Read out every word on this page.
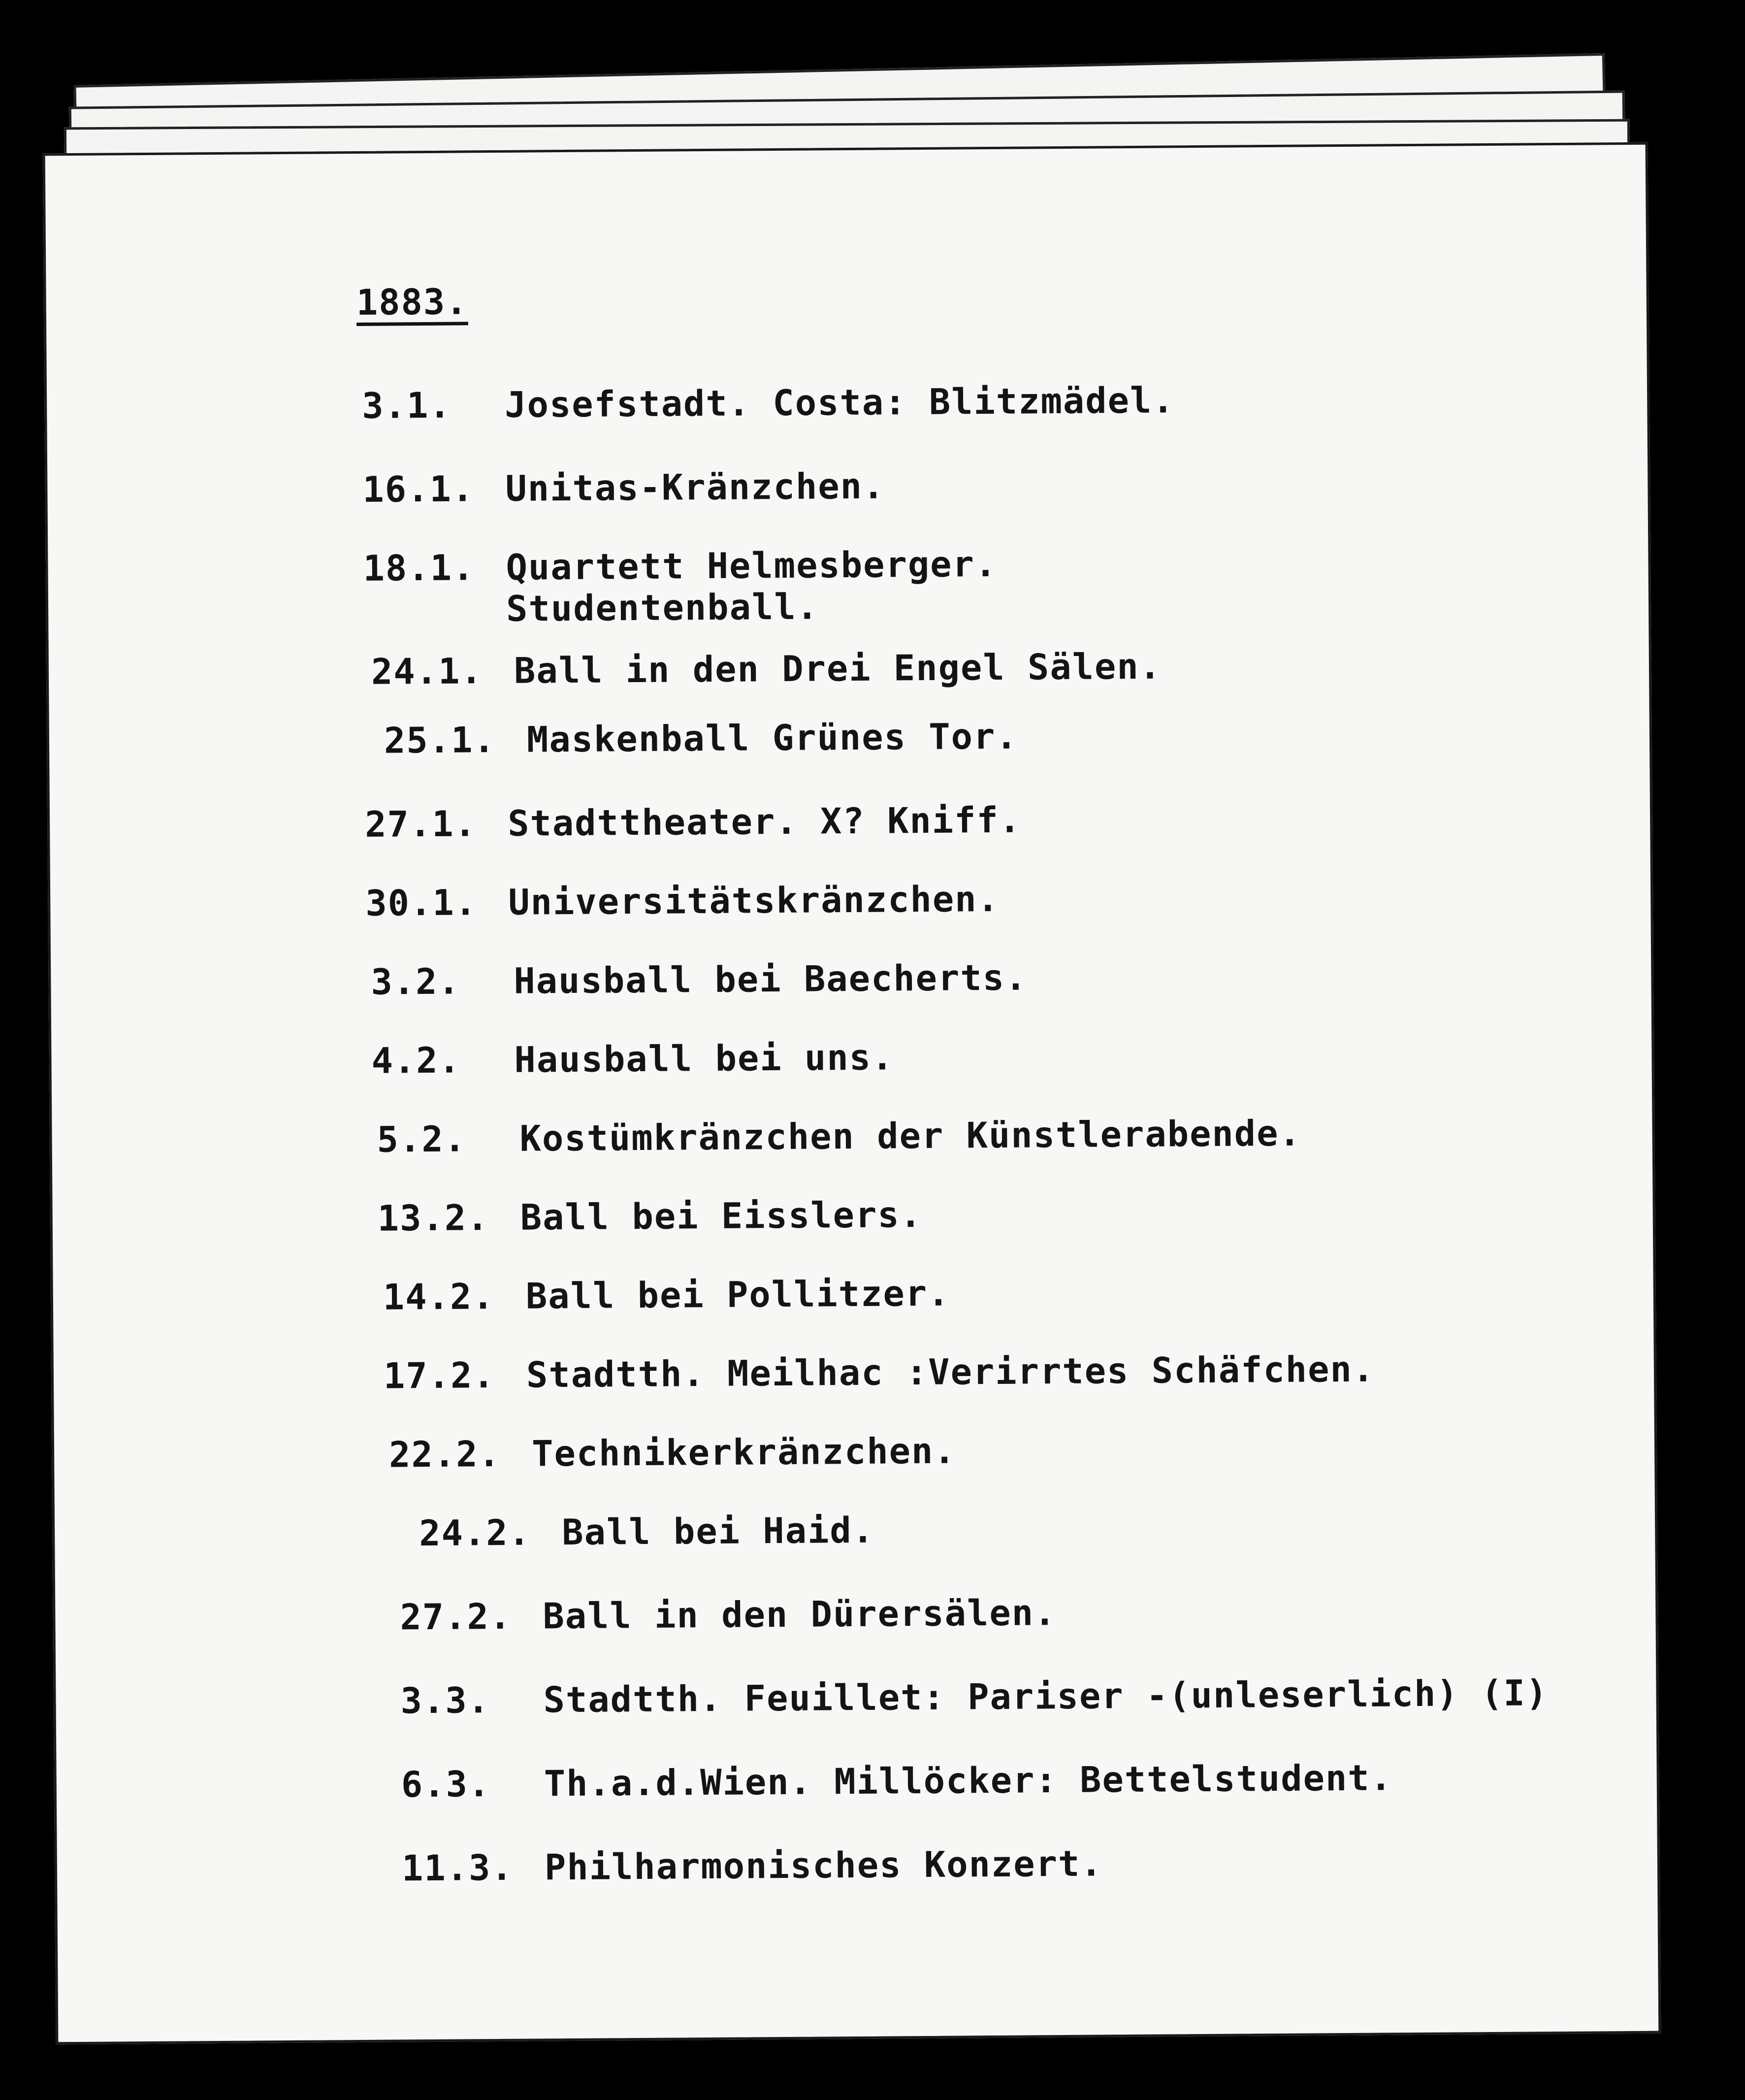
1883.
3.1.	Josefstadt. Costa: Blitzmädel.
16.1. Unitas-Kränzchen.
18.1. Quartett Helmesberger.
Studentenball.
24.1. Ball in den Drei Engel Sälen.
25.1. Maskenball Grünes Tor.
27.1. Stadttheater. X? Kniff.
30.1. Universitätskränzchen.
3.2.	Hausball bei Baecherts.
4.2.	Hausball bei uns.
5.2.	Kostümkränzchen der Künstlerabende.
13.2. Ball bei Eisslers.
14.2. Ball bei Pollitzer.
17.2. Stadtth. Meilhac :Verirrtes Schäfchen.
22.2. Technikerkränzchen.
24.2. Ball bei Haid.
27.2. Ball in den Dürersälen.
3.3.	Stadtth. Feuillet: Pariser -(unleserlich) (I)
6.3.	Th.a.d.Wien. Millöcker: Bettelstudent.
11.3. Philharmonisches Konzert.
